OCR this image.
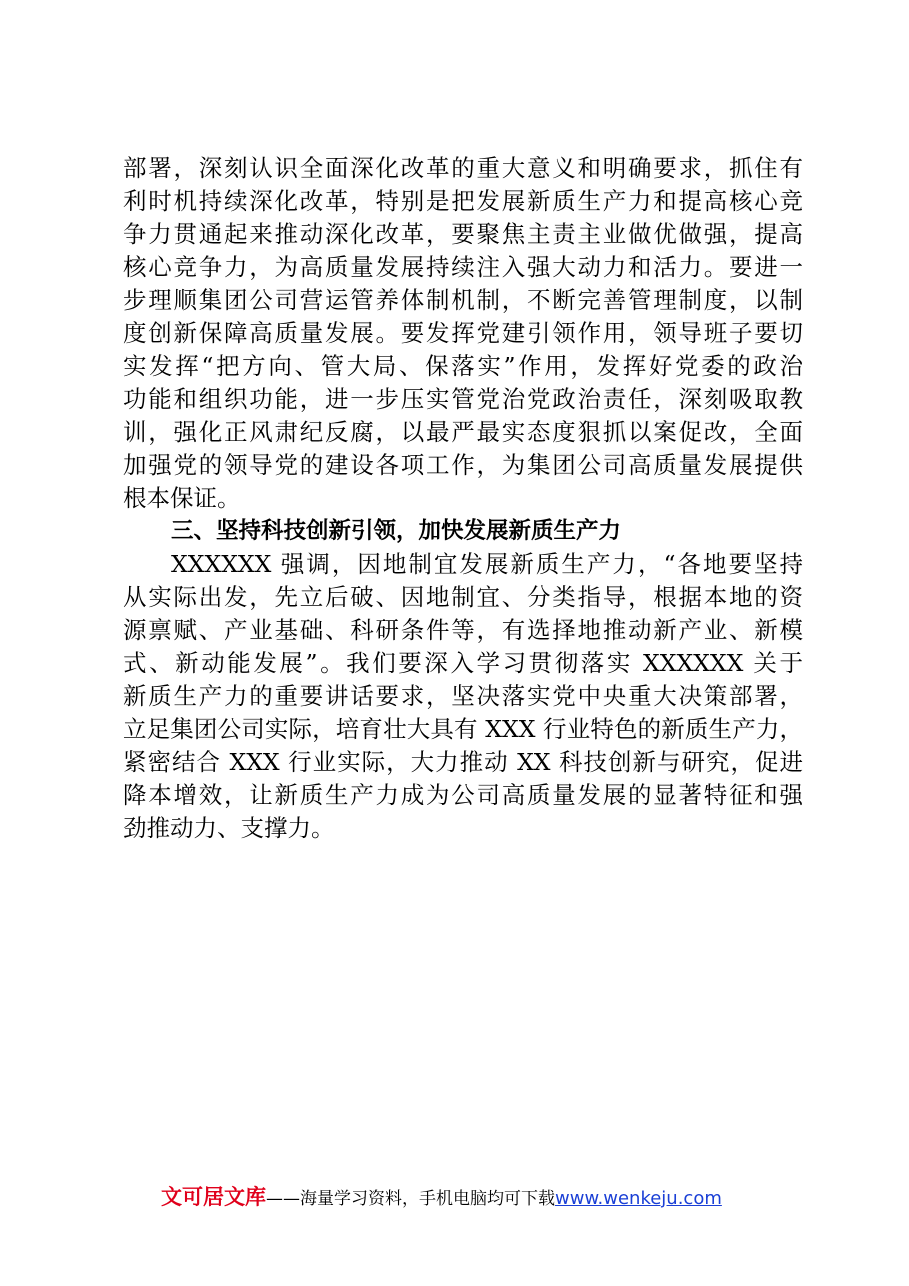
部署，深刻认识全面深化改革的重大意义和明确要求，抓住有
利时机持续深化改革，特别是把发展新质生产力和提高核心竞
争力贯通起来推动深化改革，要聚焦主责主业做优做强，提高
核心竞争力，为高质量发展持续注入强大动力和活力。要进一
步理顺集团公司营运管养体制机制，不断完善管理制度，以制
度创新保障高质量发展。要发挥党建引领作用，领导班子要切
实发挥“把方向、管大局、保落实”作用，发挥好党委的政治
功能和组织功能，进一步压实管党治党政治责任，深刻吸取教
训，强化正风肃纪反腐，以最严最实态度狠抓以案促改，全面
加强党的领导党的建设各项工作，为集团公司高质量发展提供
根本保证。
三、坚持科技创新引领，加快发展新质生产力
XXXXXX 强调，因地制宜发展新质生产力，“各地要坚持
从实际出发，先立后破、因地制宜、分类指导，根据本地的资
源禀赋、产业基础、科研条件等，有选择地推动新产业、新模
式、新动能发展”。我们要深入学习贯彻落实 XXXXXX 关于
新质生产力的重要讲话要求，坚决落实党中央重大决策部署，
立足集团公司实际，培育壮大具有 XXX 行业特色的新质生产力，
紧密结合 XXX 行业实际，大力推动 XX 科技创新与研究，促进
降本增效，让新质生产力成为公司高质量发展的显著特征和强
劲推动力、支撑力。
文可居文库——海量学习资料，手机电脑均可下载www.wenkeju.com
